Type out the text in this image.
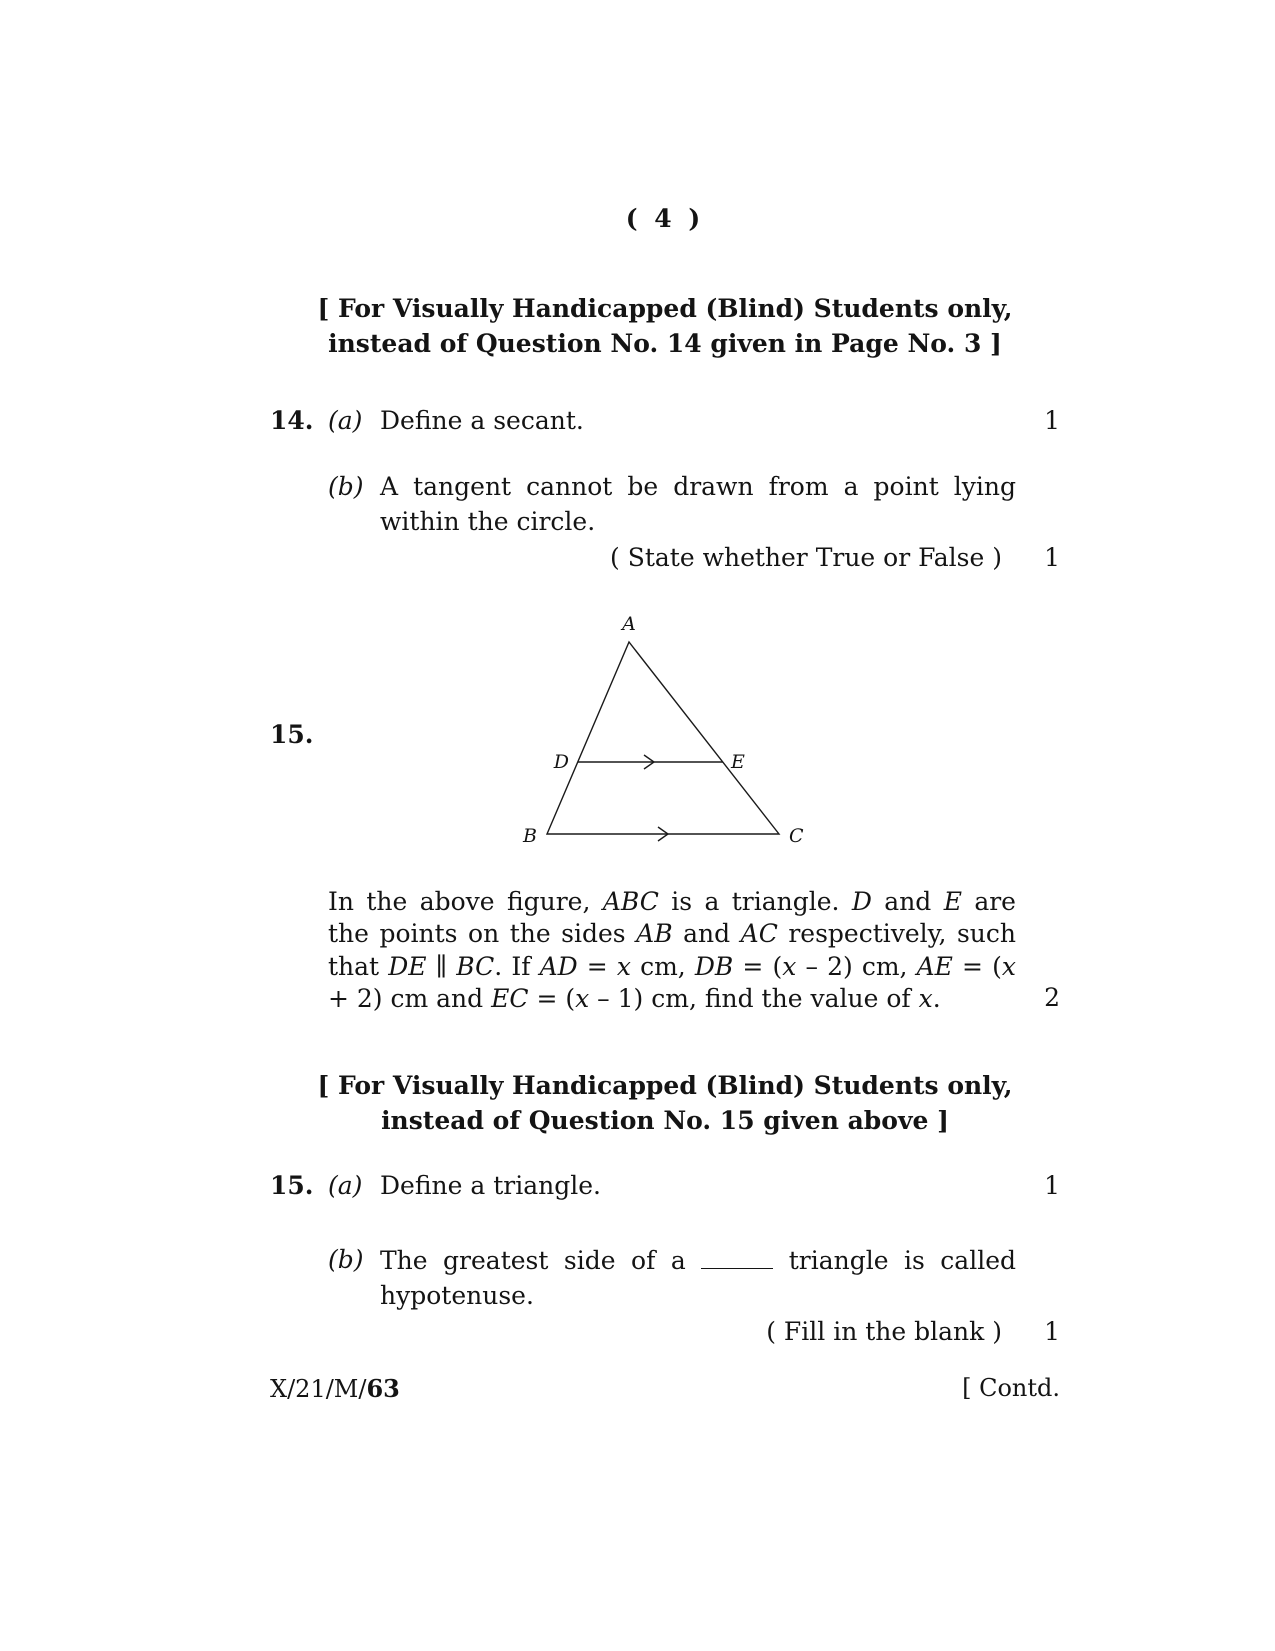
( 4 )
[ For Visually Handicapped (Blind) Students only,
instead of Question No. 14 given in Page No. 3 ]
14. (a) Define a secant.	1
(b) A tangent cannot be drawn from a point lying within the circle.
( State whether True or False )	1
15.
A
D	E
B	C
In the above figure, ABC is a triangle. D and E are the points on the sides AB and AC respectively, such that DE ∥ BC. If AD = x cm, DB = (x – 2) cm, AE = (x + 2) cm and EC = (x – 1) cm, find the value of x.	2
[ For Visually Handicapped (Blind) Students only,
instead of Question No. 15 given above ]
15. (a) Define a triangle.	1
(b) The greatest side of a	triangle is called hypotenuse.
( Fill in the blank )	1
X/21/M/63	[ Contd.
